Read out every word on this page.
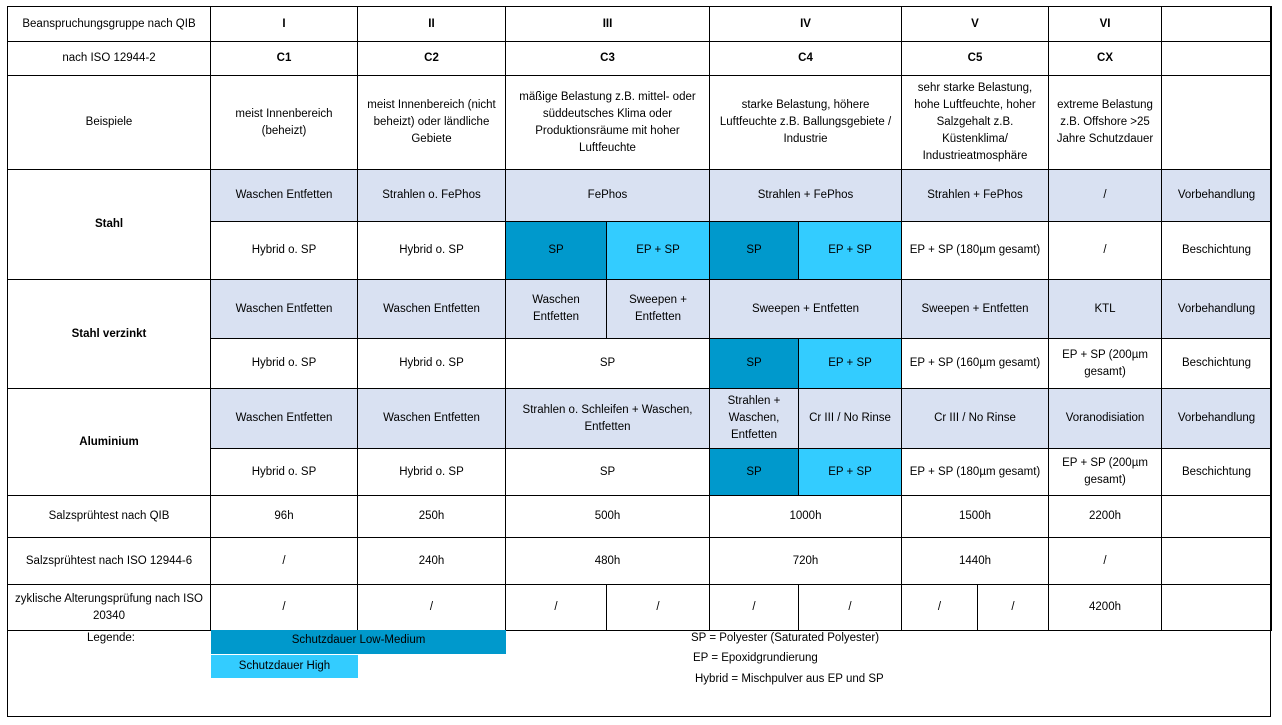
Beanspruchungsgruppe nach QIB	I	II	III		IV		V		VI	
nach ISO 12944-2	C1	C2	C3		C4		C5		CX	
Beispiele	meist Innenbereich (beheizt)	meist Innenbereich (nicht beheizt) oder ländliche Gebiete	mäßige Belastung z.B. mittel- oder süddeutsches Klima oder Produktionsräume mit hoher Luftfeuchte		starke Belastung, höhere Luftfeuchte z.B. Ballungsgebiete / Industrie		sehr starke Belastung, hohe Luftfeuchte, hoher Salzgehalt z.B. Küstenklima/ Industrieatmosphäre		extreme Belastung z.B. Offshore >25 Jahre Schutzdauer	
Stahl	Waschen Entfetten	Strahlen o. FePhos	FePhos		Strahlen + FePhos		Strahlen + FePhos		/	Vorbehandlung
	Hybrid o. SP	Hybrid o. SP	SP	EP + SP	SP	EP + SP	EP + SP (180µm gesamt)		/	Beschichtung
Stahl verzinkt	Waschen Entfetten	Waschen Entfetten	Waschen Entfetten	Sweepen + Entfetten	Sweepen + Entfetten		Sweepen + Entfetten		KTL	Vorbehandlung
	Hybrid o. SP	Hybrid o. SP	SP		SP	EP + SP	EP + SP (160µm gesamt)		EP + SP (200µm gesamt)	Beschichtung
Aluminium	Waschen Entfetten	Waschen Entfetten	Strahlen o. Schleifen + Waschen, Entfetten		Strahlen + Waschen, Entfetten	Cr III / No Rinse	Cr III / No Rinse		Voranodisiation	Vorbehandlung
	Hybrid o. SP	Hybrid o. SP	SP		SP	EP + SP	EP + SP (180µm gesamt)		EP + SP (200µm gesamt)	Beschichtung
Salzsprühtest nach QIB	96h	250h	500h		1000h		1500h		2200h	
Salzsprühtest nach ISO 12944-6	/	240h	480h		720h		1440h		/	
zyklische Alterungsprüfung nach ISO 20340	/	/	/	/	/	/	/	/	4200h	
Legende:	Schutzdauer Low-Medium
Schutzdauer High
SP = Polyester (Saturated Polyester)
EP = Epoxidgrundierung
Hybrid = Mischpulver aus EP und SP
